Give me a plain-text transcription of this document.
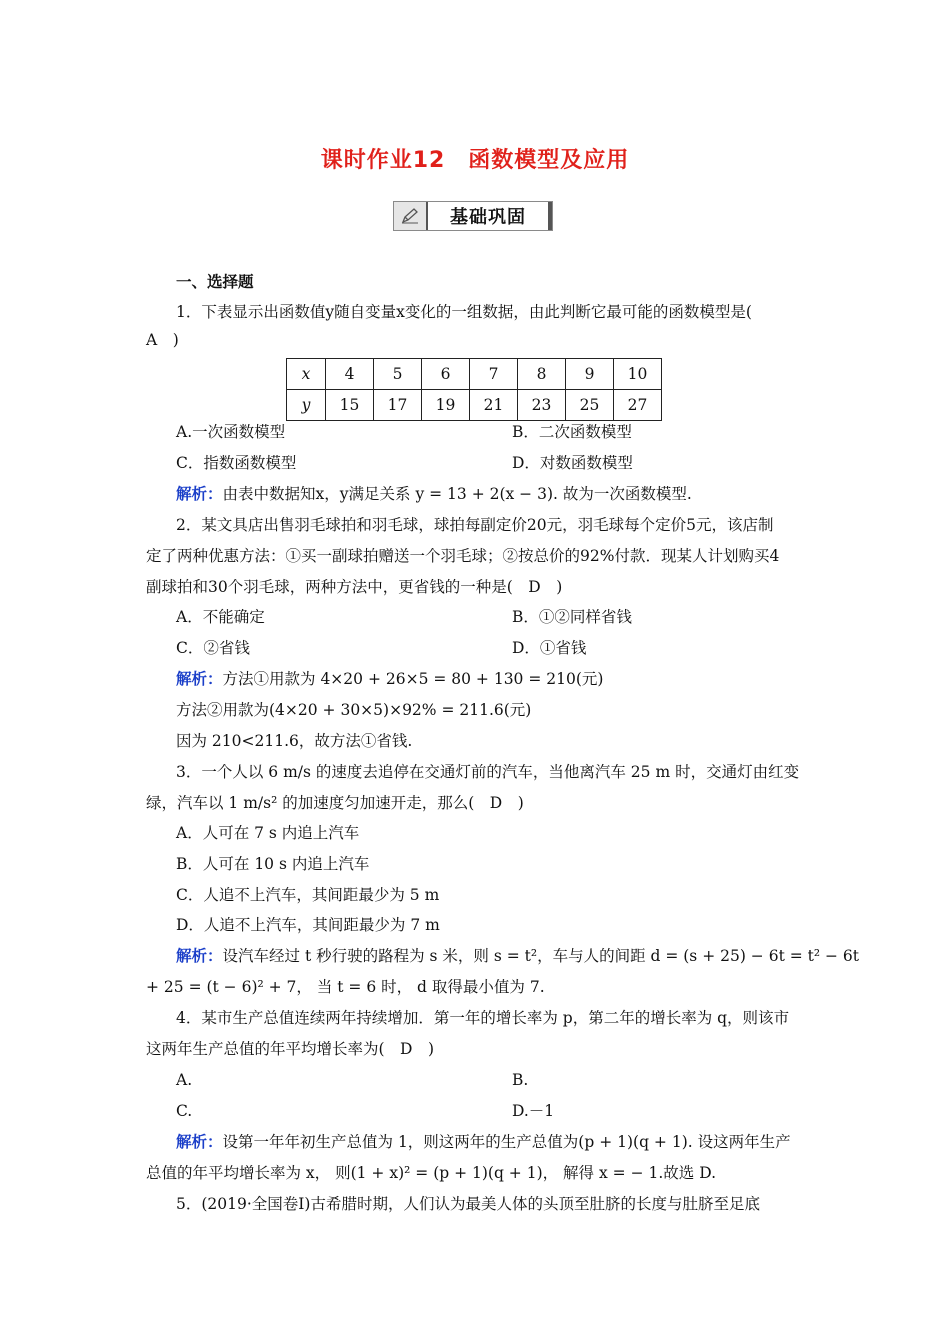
课时作业12　函数模型及应用
基础巩固
一、选择题
1．下表显示出函数值y随自变量x变化的一组数据，由此判断它最可能的函数模型是(
A　)
x	4	5	6	7	8	9	10
y	15	17	19	21	23	25	27
A.一次函数模型	B．二次函数模型
C．指数函数模型	D．对数函数模型
解析：由表中数据知x，y满足关系 y = 13 + 2(x − 3). 故为一次函数模型.
2．某文具店出售羽毛球拍和羽毛球，球拍每副定价20元，羽毛球每个定价5元，该店制
定了两种优惠方法：①买一副球拍赠送一个羽毛球；②按总价的92%付款．现某人计划购买4
副球拍和30个羽毛球，两种方法中，更省钱的一种是(　D　)
A．不能确定	B．①②同样省钱
C．②省钱	D．①省钱
解析：方法①用款为 4×20 + 26×5 = 80 + 130 = 210(元)
方法②用款为(4×20 + 30×5)×92% = 211.6(元)
因为 210<211.6，故方法①省钱.
3．一个人以 6 m/s 的速度去追停在交通灯前的汽车，当他离汽车 25 m 时，交通灯由红变
绿，汽车以 1 m/s² 的加速度匀加速开走，那么(　D　)
A．人可在 7 s 内追上汽车
B．人可在 10 s 内追上汽车
C．人追不上汽车，其间距最少为 5 m
D．人追不上汽车，其间距最少为 7 m
解析：设汽车经过 t 秒行驶的路程为 s 米，则 s = t²，车与人的间距 d = (s + 25) − 6t = t² − 6t
+ 25 = (t − 6)² + 7， 当 t = 6 时， d 取得最小值为 7.
4．某市生产总值连续两年持续增加．第一年的增长率为 p，第二年的增长率为 q，则该市
这两年生产总值的年平均增长率为(　D　)
A.	B.
C.	D.－1
解析：设第一年年初生产总值为 1，则这两年的生产总值为(p + 1)(q + 1). 设这两年生产
总值的年平均增长率为 x， 则(1 + x)² = (p + 1)(q + 1)， 解得 x = − 1.故选 D.
5．(2019·全国卷Ⅰ)古希腊时期，人们认为最美人体的头顶至肚脐的长度与肚脐至足底
